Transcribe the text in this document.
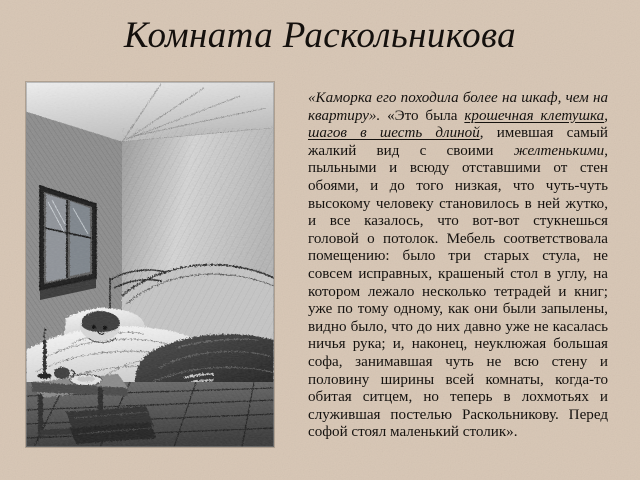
Комната Раскольникова
«Каморка его походила более на шкаф, чем на квартиру». «Это была крошечная клетушка, шагов в шесть длиной, имевшая самый жалкий вид с своими желтенькими, пыльными и всюду отставшими от стен обоями, и до того низкая, что чуть-чуть высокому человеку становилось в ней жутко, и все казалось, что вот-вот стукнешься головой о потолок. Мебель соответствовала помещению: было три старых стула, не совсем исправных, крашеный стол в углу, на котором лежало несколько тетрадей и книг; уже по тому одному, как они были запылены, видно было, что до них давно уже не касалась ничья рука; и, наконец, неуклюжая большая софа, занимавшая чуть не всю стену и половину ширины всей комнаты, когда-то обитая ситцем, но теперь в лохмотьях и служившая постелью Раскольникову. Перед софой стоял маленький столик».
